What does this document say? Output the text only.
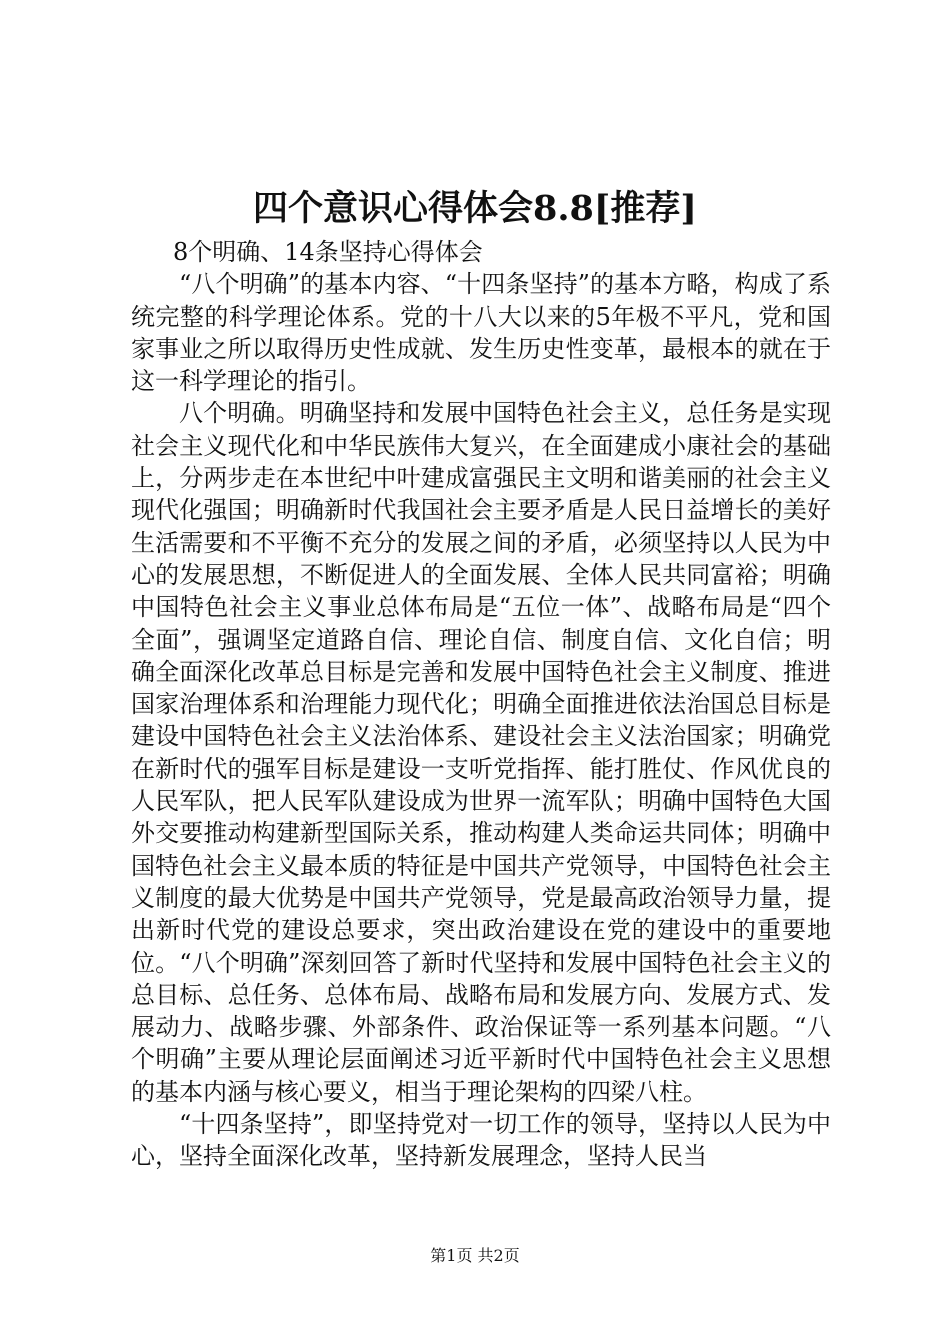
四个意识心得体会8.8[推荐]

8个明确、14条坚持心得体会

“八个明确”的基本内容、“十四条坚持”的基本方略，构成了系统完整的科学理论体系。党的十八大以来的5年极不平凡，党和国家事业之所以取得历史性成就、发生历史性变革，最根本的就在于这一科学理论的指引。

八个明确。明确坚持和发展中国特色社会主义，总任务是实现社会主义现代化和中华民族伟大复兴，在全面建成小康社会的基础上，分两步走在本世纪中叶建成富强民主文明和谐美丽的社会主义现代化强国；明确新时代我国社会主要矛盾是人民日益增长的美好生活需要和不平衡不充分的发展之间的矛盾，必须坚持以人民为中心的发展思想，不断促进人的全面发展、全体人民共同富裕；明确中国特色社会主义事业总体布局是“五位一体”、战略布局是“四个全面”，强调坚定道路自信、理论自信、制度自信、文化自信；明确全面深化改革总目标是完善和发展中国特色社会主义制度、推进国家治理体系和治理能力现代化；明确全面推进依法治国总目标是建设中国特色社会主义法治体系、建设社会主义法治国家；明确党在新时代的强军目标是建设一支听党指挥、能打胜仗、作风优良的人民军队，把人民军队建设成为世界一流军队；明确中国特色大国外交要推动构建新型国际关系，推动构建人类命运共同体；明确中国特色社会主义最本质的特征是中国共产党领导，中国特色社会主义制度的最大优势是中国共产党领导，党是最高政治领导力量，提出新时代党的建设总要求，突出政治建设在党的建设中的重要地位。“八个明确”深刻回答了新时代坚持和发展中国特色社会主义的总目标、总任务、总体布局、战略布局和发展方向、发展方式、发展动力、战略步骤、外部条件、政治保证等一系列基本问题。“八个明确”主要从理论层面阐述习近平新时代中国特色社会主义思想的基本内涵与核心要义，相当于理论架构的四梁八柱。

“十四条坚持”，即坚持党对一切工作的领导，坚持以人民为中心，坚持全面深化改革，坚持新发展理念，坚持人民当

第1页 共2页
